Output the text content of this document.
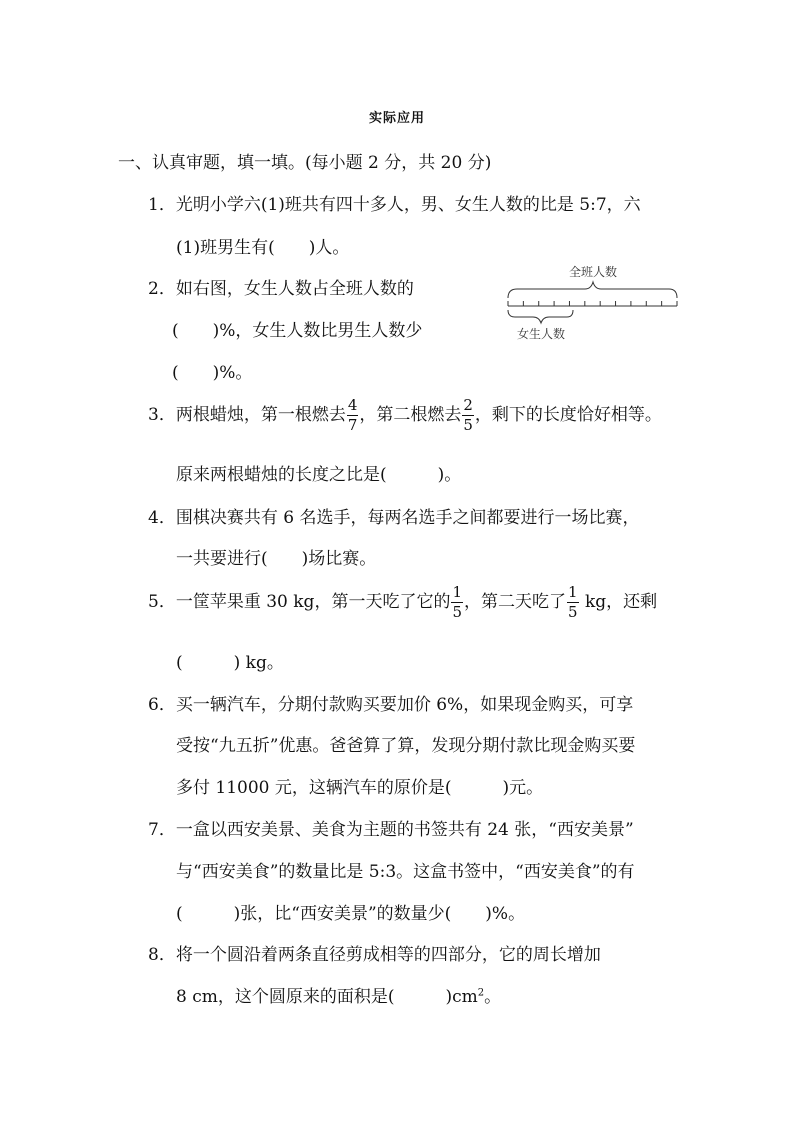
实际应用
一、认真审题，填一填。(每小题 2 分，共 20 分)
1．光明小学六(1)班共有四十多人，男、女生人数的比是 5:7，六
(1)班男生有(　　)人。
2．如右图，女生人数占全班人数的
(　　)%，女生人数比男生人数少
(　　)%。
全班人数
女生人数
3．两根蜡烛，第一根燃去 $\frac{4}{7}$ ，第二根燃去 $\frac{2}{5}$ ，剩下的长度恰好相等。
原来两根蜡烛的长度之比是(　　　)。
4．围棋决赛共有 6 名选手，每两名选手之间都要进行一场比赛，
一共要进行(　　)场比赛。
5．一筐苹果重 30 kg，第一天吃了它的 $\frac{1}{5}$ ，第二天吃了 $\frac{1}{5}$ kg，还剩
(　　　) kg。
6．买一辆汽车，分期付款购买要加价 6%，如果现金购买，可享
受按“九五折”优惠。爸爸算了算，发现分期付款比现金购买要
多付 11000 元，这辆汽车的原价是(　　　)元。
7．一盒以西安美景、美食为主题的书签共有 24 张，“西安美景”
与“西安美食”的数量比是 5:3。这盒书签中，“西安美食”的有
(　　　)张，比“西安美景”的数量少(　　)%。
8．将一个圆沿着两条直径剪成相等的四部分，它的周长增加
8 cm，这个圆原来的面积是(　　　)$cm^2$。
